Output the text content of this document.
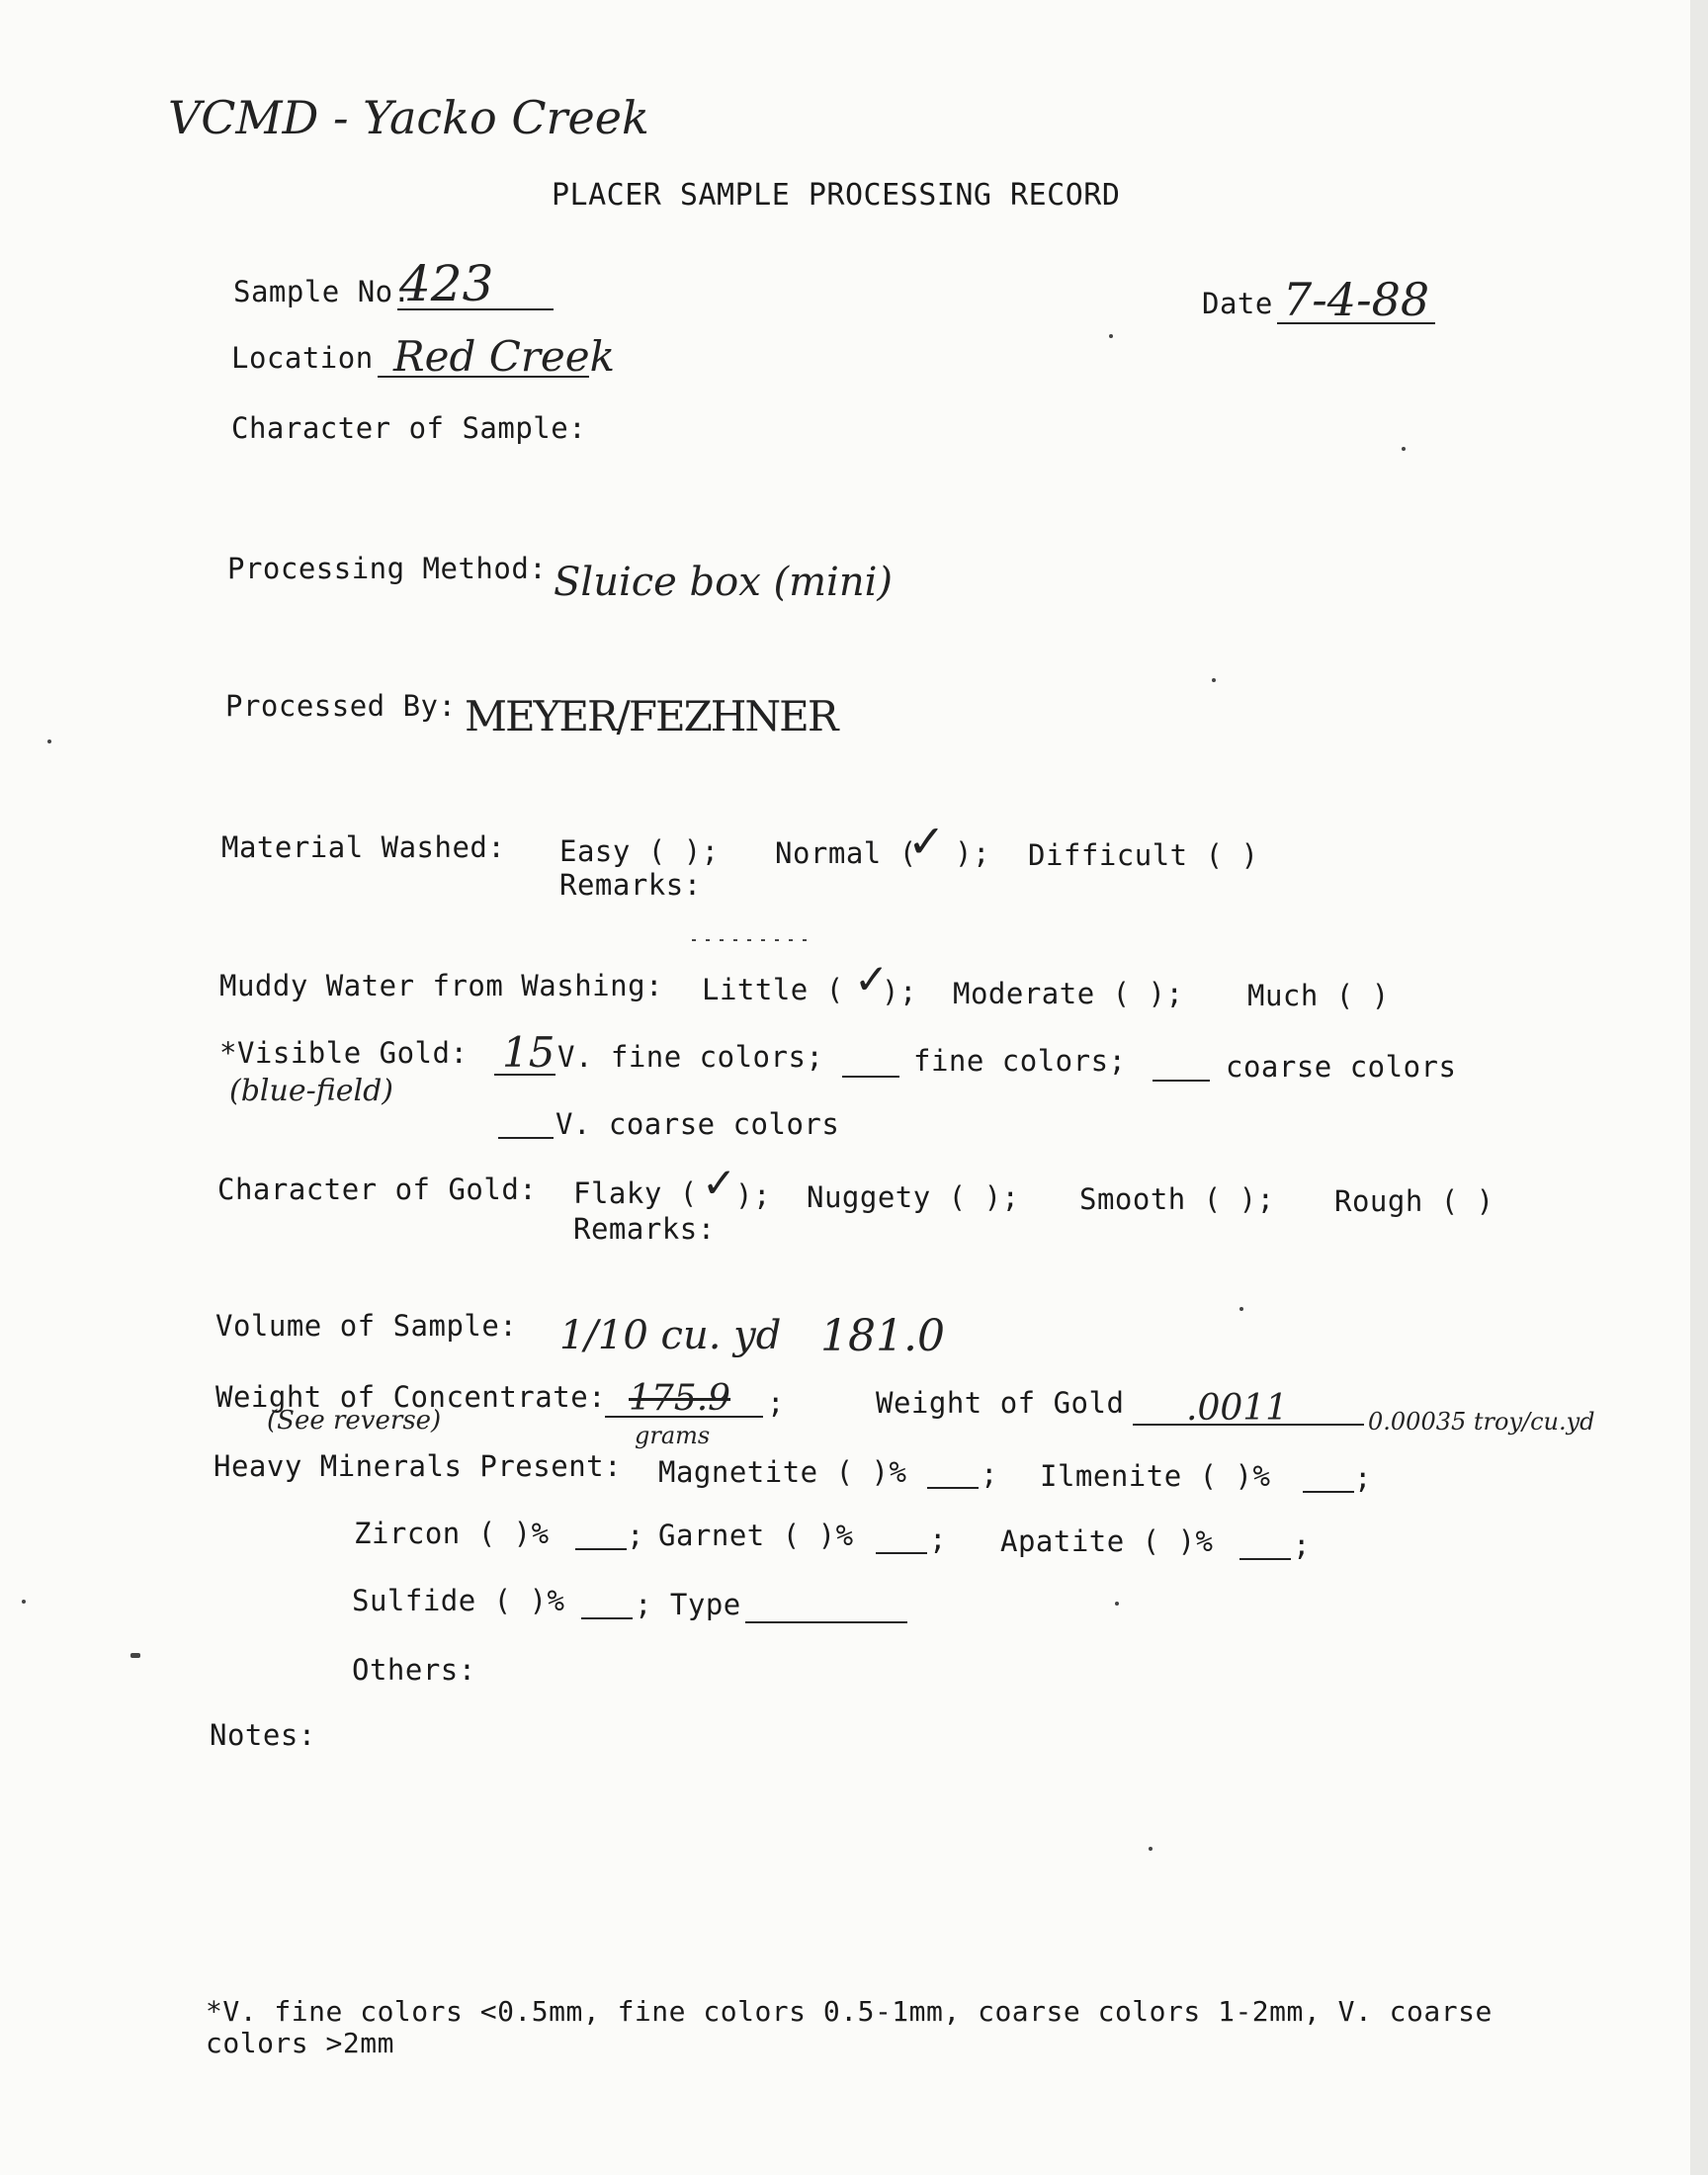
VCMD - Yacko Creek
PLACER SAMPLE PROCESSING RECORD
Sample No.
423	Date 7-4-88
Location Red Creek
Character of Sample:
Processing Method: Sluice box (mini)
Processed By: MEYER/FEZHNER
Material Washed: Easy ( ); Normal (
✓ ); Difficult ( )
Remarks:
Muddy Water from Washing: Little ( ✓
); Moderate ( ); Much ( )
*Visible Gold:
(blue-field)
15 V. fine colors;	fine colors;	coarse colors
V. coarse colors
Character of Gold: Flaky ( ✓
); Nuggety ( ); Smooth ( ); Rough ( )
Remarks:
Volume of Sample: 1/10 cu. yd 181.0
Weight of Concentrate:
(See reverse)
175.9 ;
grams
Weight of Gold .0011	0.00035 troy/cu.yd
Heavy Minerals Present: Magnetite ( )%	; Ilmenite ( )%	;
Zircon ( )%	; Garnet ( )%	; Apatite ( )%	;
Sulfide ( )% ; Type
Others:
Notes:
*V. fine colors <0.5mm, fine colors 0.5-1mm, coarse colors 1-2mm, V. coarse
colors >2mm
